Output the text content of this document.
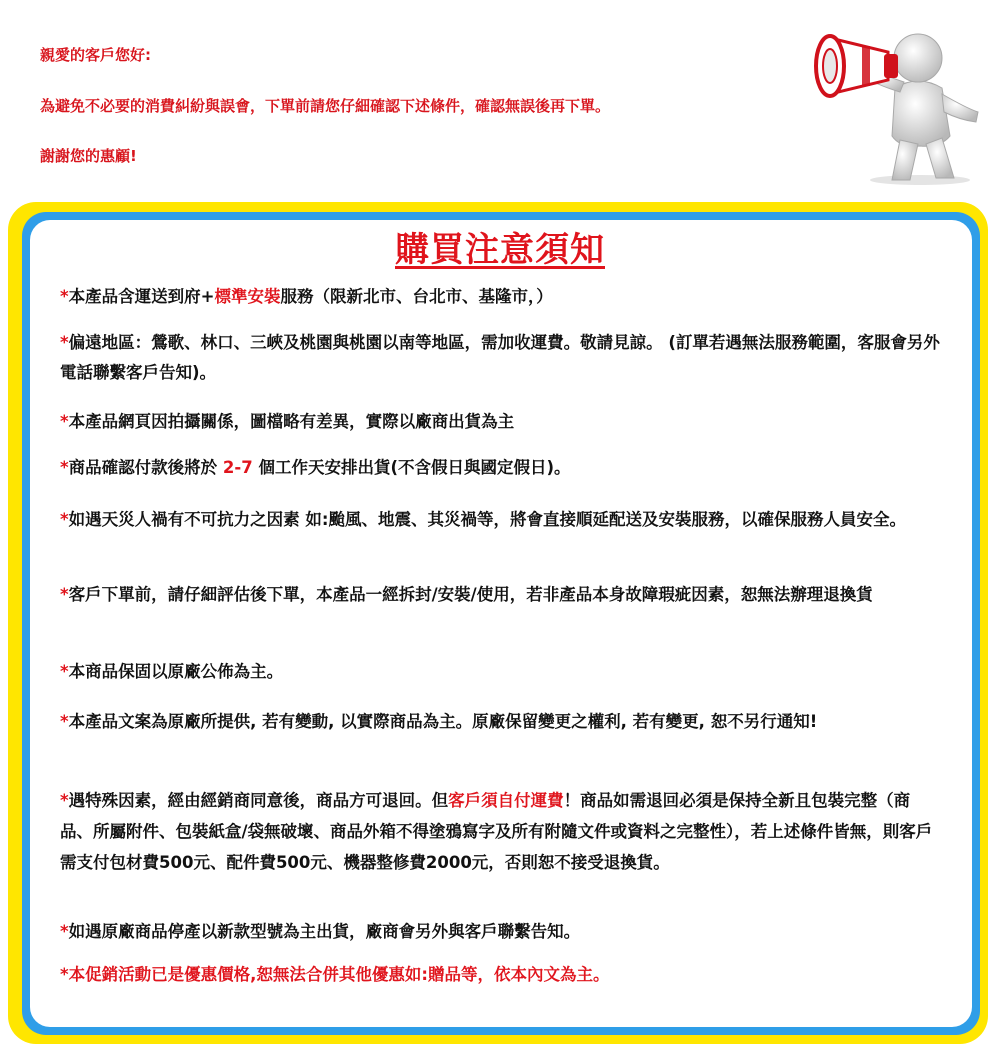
親愛的客戶您好:

為避免不必要的消費糾紛與誤會，下單前請您仔細確認下述條件，確認無誤後再下單。

謝謝您的惠顧!

購買注意須知

*本產品含運送到府+標準安裝服務（限新北市、台北市、基隆市，）

*偏遠地區：鶯歌、林口、三峽及桃園與桃園以南等地區，需加收運費。敬請見諒。 (訂單若遇無法服務範圍，客服會另外電話聯繫客戶告知)。

*本產品網頁因拍攝關係，圖檔略有差異，實際以廠商出貨為主

*商品確認付款後將於 2-7 個工作天安排出貨(不含假日與國定假日)。

*如遇天災人禍有不可抗力之因素 如:颱風、地震、其災禍等，將會直接順延配送及安裝服務，以確保服務人員安全。

*客戶下單前，請仔細評估後下單，本產品一經拆封/安裝/使用，若非產品本身故障瑕疵因素，恕無法辦理退換貨

*本商品保固以原廠公佈為主。

*本產品文案為原廠所提供, 若有變動, 以實際商品為主。原廠保留變更之權利, 若有變更, 恕不另行通知!

*遇特殊因素，經由經銷商同意後，商品方可退回。但客戶須自付運費！商品如需退回必須是保持全新且包裝完整（商品、所屬附件、包裝紙盒/袋無破壞、商品外箱不得塗鴉寫字及所有附隨文件或資料之完整性），若上述條件皆無，則客戶需支付包材費500元、配件費500元、機器整修費2000元，否則恕不接受退換貨。

*如遇原廠商品停產以新款型號為主出貨，廠商會另外與客戶聯繫告知。

*本促銷活動已是優惠價格,恕無法合併其他優惠如:贈品等，依本內文為主。
